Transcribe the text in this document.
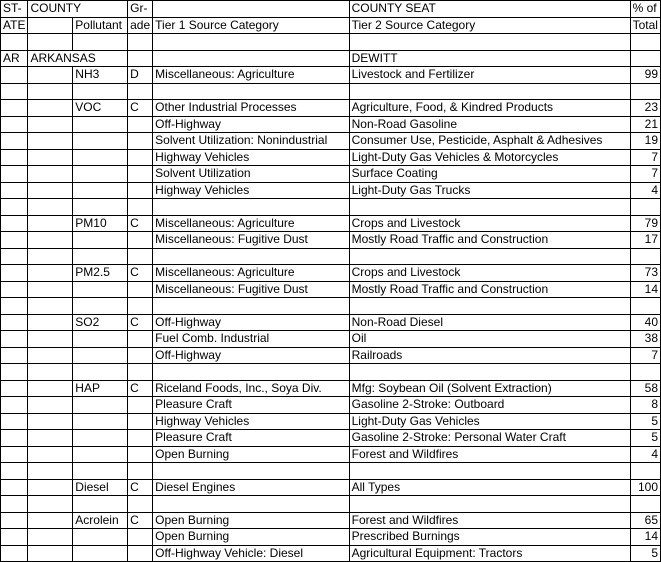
ST-	COUNTY		Gr-		COUNTY SEAT	% of
ATE		Pollutant	ade	Tier 1 Source Category	Tier 2 Source Category	Total

AR	ARKANSAS				DEWITT	
		NH3	D	Miscellaneous: Agriculture	Livestock and Fertilizer	99

		VOC	C	Other Industrial Processes	Agriculture, Food, & Kindred Products	23
				Off-Highway	Non-Road Gasoline	21
				Solvent Utilization: Nonindustrial	Consumer Use, Pesticide, Asphalt & Adhesives	19
				Highway Vehicles	Light-Duty Gas Vehicles & Motorcycles	7
				Solvent Utilization	Surface Coating	7
				Highway Vehicles	Light-Duty Gas Trucks	4

		PM10	C	Miscellaneous: Agriculture	Crops and Livestock	79
				Miscellaneous: Fugitive Dust	Mostly Road Traffic and Construction	17

		PM2.5	C	Miscellaneous: Agriculture	Crops and Livestock	73
				Miscellaneous: Fugitive Dust	Mostly Road Traffic and Construction	14

		SO2	C	Off-Highway	Non-Road Diesel	40
				Fuel Comb. Industrial	Oil	38
				Off-Highway	Railroads	7

		HAP	C	Riceland Foods, Inc., Soya Div.	Mfg: Soybean Oil (Solvent Extraction)	58
				Pleasure Craft	Gasoline 2-Stroke: Outboard	8
				Highway Vehicles	Light-Duty Gas Vehicles	5
				Pleasure Craft	Gasoline 2-Stroke: Personal Water Craft	5
				Open Burning	Forest and Wildfires	4

		Diesel	C	Diesel Engines	All Types	100

		Acrolein	C	Open Burning	Forest and Wildfires	65
				Open Burning	Prescribed Burnings	14
				Off-Highway Vehicle: Diesel	Agricultural Equipment: Tractors	5
